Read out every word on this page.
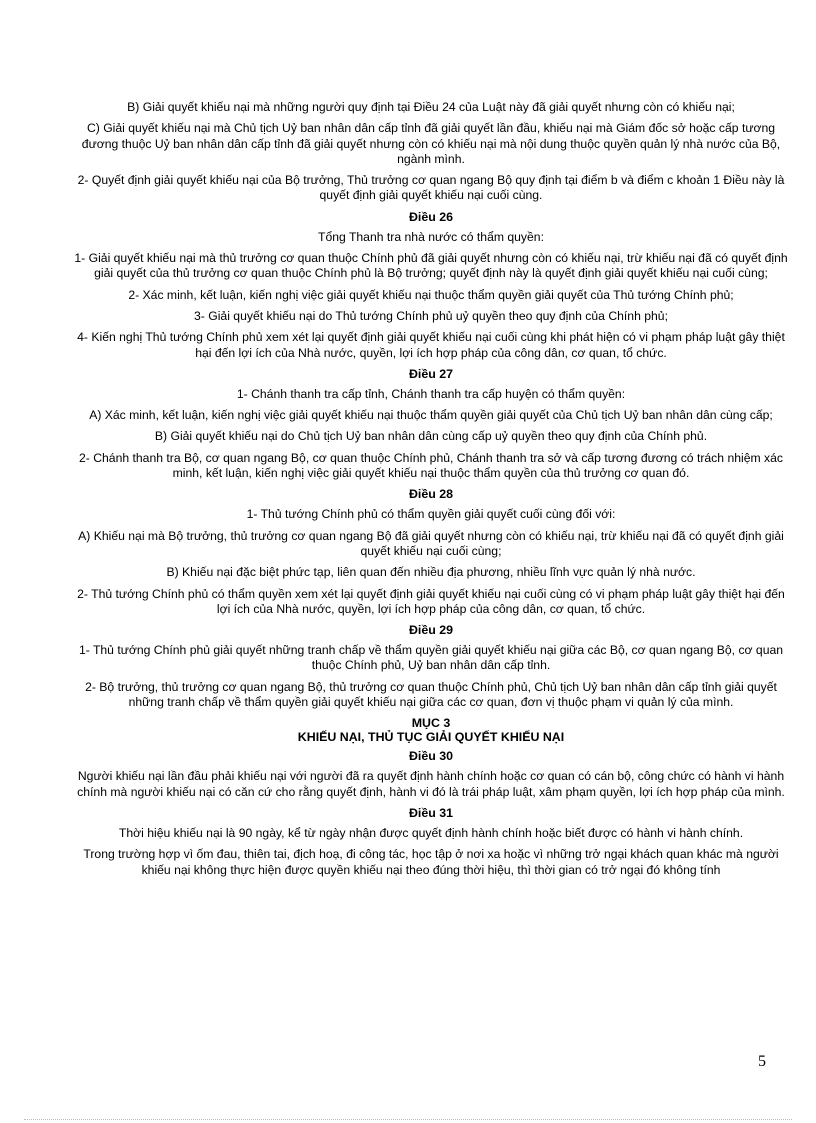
B) Giải quyết khiếu nại mà những người quy định tại Điều 24 của Luật này đã giải quyết nhưng còn có khiếu nại;

C) Giải quyết khiếu nại mà Chủ tịch Uỷ ban nhân dân cấp tỉnh đã giải quyết lần đầu, khiếu nại mà Giám đốc sở hoặc cấp tương đương thuộc Uỷ ban nhân dân cấp tỉnh đã giải quyết nhưng còn có khiếu nại mà nội dung thuộc quyền quản lý nhà nước của Bộ, ngành mình.

2- Quyết định giải quyết khiếu nại của Bộ trưởng, Thủ trưởng cơ quan ngang Bộ quy định tại điểm b và điểm c khoản 1 Điều này là quyết định giải quyết khiếu nại cuối cùng.

Điều 26

Tổng Thanh tra nhà nước có thẩm quyền:

1- Giải quyết khiếu nại mà thủ trưởng cơ quan thuộc Chính phủ đã giải quyết nhưng còn có khiếu nại, trừ khiếu nại đã có quyết định giải quyết của thủ trưởng cơ quan thuộc Chính phủ là Bộ trưởng; quyết định này là quyết định giải quyết khiếu nại cuối cùng;

2- Xác minh, kết luận, kiến nghị việc giải quyết khiếu nại thuộc thẩm quyền giải quyết của Thủ tướng Chính phủ;

3- Giải quyết khiếu nại do Thủ tướng Chính phủ uỷ quyền theo quy định của Chính phủ;

4- Kiến nghị Thủ tướng Chính phủ xem xét lại quyết định giải quyết khiếu nại cuối cùng khi phát hiện có vi phạm pháp luật gây thiệt hại đến lợi ích của Nhà nước, quyền, lợi ích hợp pháp của công dân, cơ quan, tổ chức.

Điều 27

1- Chánh thanh tra cấp tỉnh, Chánh thanh tra cấp huyện có thẩm quyền:

A) Xác minh, kết luận, kiến nghị việc giải quyết khiếu nại thuộc thẩm quyền giải quyết của Chủ tịch Uỷ ban nhân dân cùng cấp;

B) Giải quyết khiếu nại do Chủ tịch Uỷ ban nhân dân cùng cấp uỷ quyền theo quy định của Chính phủ.

2- Chánh thanh tra Bộ, cơ quan ngang Bộ, cơ quan thuộc Chính phủ, Chánh thanh tra sở và cấp tương đương có trách nhiệm xác minh, kết luận, kiến nghị việc giải quyết khiếu nại thuộc thẩm quyền của thủ trưởng cơ quan đó.

Điều 28

1- Thủ tướng Chính phủ có thẩm quyền giải quyết cuối cùng đối với:

A) Khiếu nại mà Bộ trưởng, thủ trưởng cơ quan ngang Bộ đã giải quyết nhưng còn có khiếu nại, trừ khiếu nại đã có quyết định giải quyết khiếu nại cuối cùng;

B) Khiếu nại đặc biệt phức tạp, liên quan đến nhiều địa phương, nhiều lĩnh vực quản lý nhà nước.

2- Thủ tướng Chính phủ có thẩm quyền xem xét lại quyết định giải quyết khiếu nại cuối cùng có vi phạm pháp luật gây thiệt hại đến lợi ích của Nhà nước, quyền, lợi ích hợp pháp của công dân, cơ quan, tổ chức.

Điều 29

1- Thủ tướng Chính phủ giải quyết những tranh chấp về thẩm quyền giải quyết khiếu nại giữa các Bộ, cơ quan ngang Bộ, cơ quan thuộc Chính phủ, Uỷ ban nhân dân cấp tỉnh.

2- Bộ trưởng, thủ trưởng cơ quan ngang Bộ, thủ trưởng cơ quan thuộc Chính phủ, Chủ tịch Uỷ ban nhân dân cấp tỉnh giải quyết những tranh chấp về thẩm quyền giải quyết khiếu nại giữa các cơ quan, đơn vị thuộc phạm vi quản lý của mình.

MỤC 3

KHIẾU NẠI, THỦ TỤC GIẢI QUYẾT KHIẾU NẠI

Điều 30

Người khiếu nại lần đầu phải khiếu nại với người đã ra quyết định hành chính hoặc cơ quan có cán bộ, công chức có hành vi hành chính mà người khiếu nại có căn cứ cho rằng quyết định, hành vi đó là trái pháp luật, xâm phạm quyền, lợi ích hợp pháp của mình.

Điều 31

Thời hiệu khiếu nại là 90 ngày, kể từ ngày nhận được quyết định hành chính hoặc biết được có hành vi hành chính.

Trong trường hợp vì ốm đau, thiên tai, địch hoạ, đi công tác, học tập ở nơi xa hoặc vì những trở ngại khách quan khác mà người khiếu nại không thực hiện được quyền khiếu nại theo đúng thời hiệu, thì thời gian có trở ngại đó không tính

5
